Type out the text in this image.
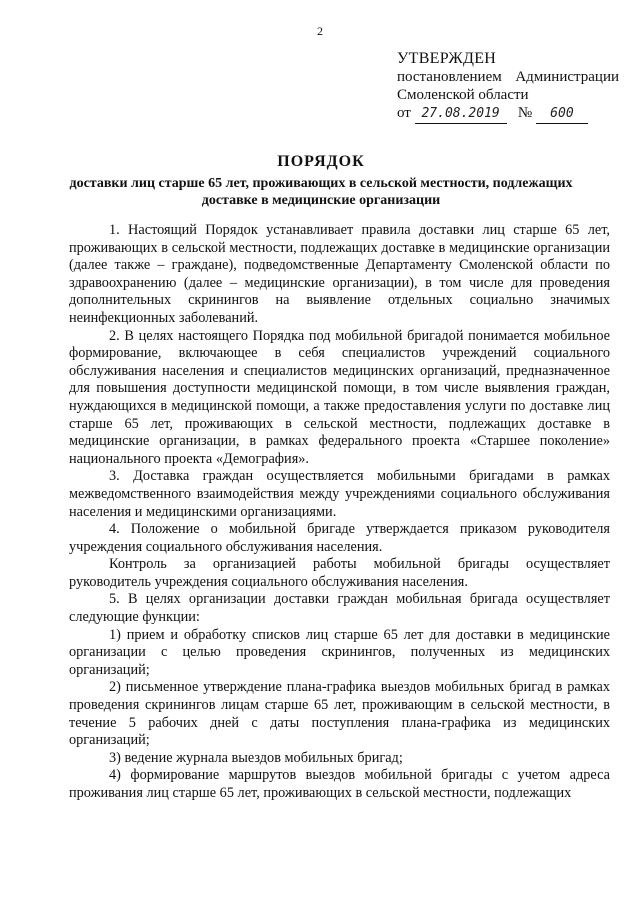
2
УТВЕРЖДЕН
постановлением Администрации
Смоленской области
от 27.08.2019 № 600
ПОРЯДОК
доставки лиц старше 65 лет, проживающих в сельской местности, подлежащих доставке в медицинские организации

1. Настоящий Порядок устанавливает правила доставки лиц старше 65 лет, проживающих в сельской местности, подлежащих доставке в медицинские организации (далее также – граждане), подведомственные Департаменту Смоленской области по здравоохранению (далее – медицинские организации), в том числе для проведения дополнительных скринингов на выявление отдельных социально значимых неинфекционных заболеваний.

2. В целях настоящего Порядка под мобильной бригадой понимается мобильное формирование, включающее в себя специалистов учреждений социального обслуживания населения и специалистов медицинских организаций, предназначенное для повышения доступности медицинской помощи, в том числе выявления граждан, нуждающихся в медицинской помощи, а также предоставления услуги по доставке лиц старше 65 лет, проживающих в сельской местности, подлежащих доставке в медицинские организации, в рамках федерального проекта «Старшее поколение» национального проекта «Демография».

3. Доставка граждан осуществляется мобильными бригадами в рамках межведомственного взаимодействия между учреждениями социального обслуживания населения и медицинскими организациями.

4. Положение о мобильной бригаде утверждается приказом руководителя учреждения социального обслуживания населения.

Контроль за организацией работы мобильной бригады осуществляет руководитель учреждения социального обслуживания населения.

5. В целях организации доставки граждан мобильная бригада осуществляет следующие функции:

1) прием и обработку списков лиц старше 65 лет для доставки в медицинские организации с целью проведения скринингов, полученных из медицинских организаций;

2) письменное утверждение плана-графика выездов мобильных бригад в рамках проведения скринингов лицам старше 65 лет, проживающим в сельской местности, в течение 5 рабочих дней с даты поступления плана-графика из медицинских организаций;

3) ведение журнала выездов мобильных бригад;

4) формирование маршрутов выездов мобильной бригады с учетом адреса проживания лиц старше 65 лет, проживающих в сельской местности, подлежащих
